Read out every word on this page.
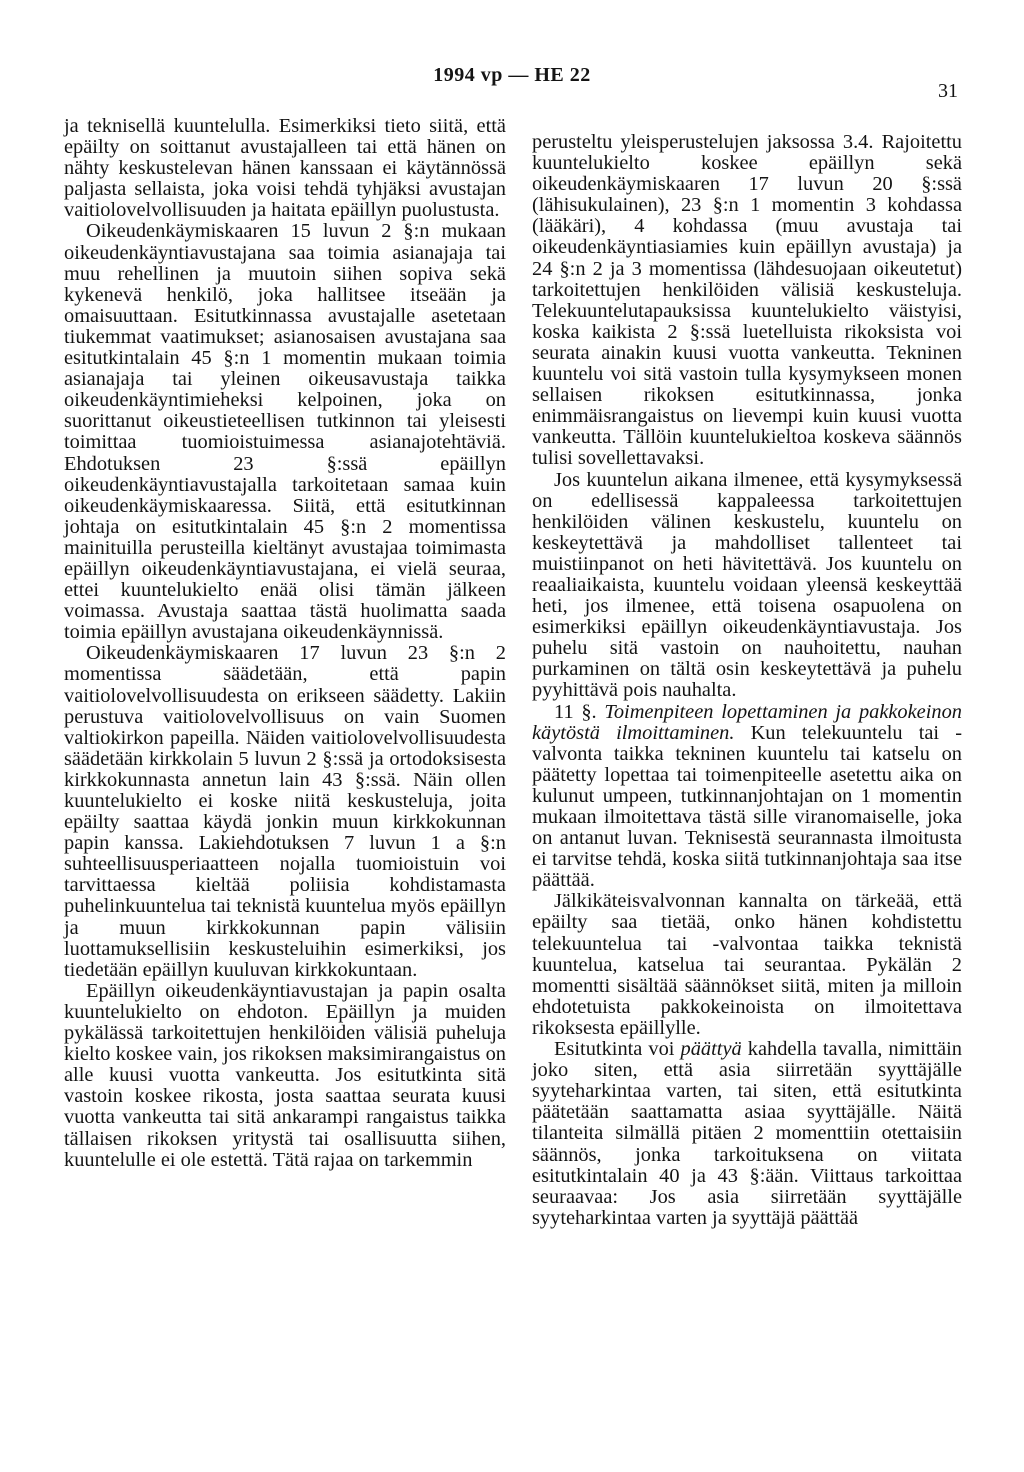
1994 vp — HE 22
31

ja teknisellä kuuntelulla. Esimerkiksi tieto siitä, että epäilty on soittanut avustajalleen tai että hänen on nähty keskustelevan hänen kanssaan ei käytännössä paljasta sellaista, joka voisi tehdä tyhjäksi avustajan vaitiolovelvollisuuden ja haitata epäillyn puolustusta.

Oikeudenkäymiskaaren 15 luvun 2 §:n mukaan oikeudenkäyntiavustajana saa toimia asianajaja tai muu rehellinen ja muutoin siihen sopiva sekä kykenevä henkilö, joka hallitsee itseään ja omaisuuttaan. Esitutkinnassa avustajalle asetetaan tiukemmat vaatimukset; asianosaisen avustajana saa esitutkintalain 45 §:n 1 momentin mukaan toimia asianajaja tai yleinen oikeusavustaja taikka oikeudenkäyntimieheksi kelpoinen, joka on suorittanut oikeustieteellisen tutkinnon tai yleisesti toimittaa tuomioistuimessa asianajotehtäviä. Ehdotuksen 23 §:ssä epäillyn oikeudenkäyntiavustajalla tarkoitetaan samaa kuin oikeudenkäymiskaaressa. Siitä, että esitutkinnan johtaja on esitutkintalain 45 §:n 2 momentissa mainituilla perusteilla kieltänyt avustajaa toimimasta epäillyn oikeudenkäyntiavustajana, ei vielä seuraa, ettei kuuntelukielto enää olisi tämän jälkeen voimassa. Avustaja saattaa tästä huolimatta saada toimia epäillyn avustajana oikeudenkäynnissä.

Oikeudenkäymiskaaren 17 luvun 23 §:n 2 momentissa säädetään, että papin vaitiolovelvollisuudesta on erikseen säädetty. Lakiin perustuva vaitiolovelvollisuus on vain Suomen valtiokirkon papeilla. Näiden vaitiolovelvollisuudesta säädetään kirkkolain 5 luvun 2 §:ssä ja ortodoksisesta kirkkokunnasta annetun lain 43 §:ssä. Näin ollen kuuntelukielto ei koske niitä keskusteluja, joita epäilty saattaa käydä jonkin muun kirkkokunnan papin kanssa. Lakiehdotuksen 7 luvun 1 a §:n suhteellisuusperiaatteen nojalla tuomioistuin voi tarvittaessa kieltää poliisia kohdistamasta puhelinkuuntelua tai teknistä kuuntelua myös epäillyn ja muun kirkkokunnan papin välisiin luottamuksellisiin keskusteluihin esimerkiksi, jos tiedetään epäillyn kuuluvan kirkkokuntaan.

Epäillyn oikeudenkäyntiavustajan ja papin osalta kuuntelukielto on ehdoton. Epäillyn ja muiden pykälässä tarkoitettujen henkilöiden välisiä puheluja kielto koskee vain, jos rikoksen maksimirangaistus on alle kuusi vuotta vankeutta. Jos esitutkinta sitä vastoin koskee rikosta, josta saattaa seurata kuusi vuotta vankeutta tai sitä ankarampi rangaistus taikka tällaisen rikoksen yritystä tai osallisuutta siihen, kuuntelulle ei ole estettä. Tätä rajaa on tarkemmin

perusteltu yleisperustelujen jaksossa 3.4. Rajoitettu kuuntelukielto koskee epäillyn sekä oikeudenkäymiskaaren 17 luvun 20 §:ssä (lähisukulainen), 23 §:n 1 momentin 3 kohdassa (lääkäri), 4 kohdassa (muu avustaja tai oikeudenkäyntiasiamies kuin epäillyn avustaja) ja 24 §:n 2 ja 3 momentissa (lähdesuojaan oikeutetut) tarkoitettujen henkilöiden välisiä keskusteluja. Telekuuntelutapauksissa kuuntelukielto väistyisi, koska kaikista 2 §:ssä luetelluista rikoksista voi seurata ainakin kuusi vuotta vankeutta. Tekninen kuuntelu voi sitä vastoin tulla kysymykseen monen sellaisen rikoksen esitutkinnassa, jonka enimmäisrangaistus on lievempi kuin kuusi vuotta vankeutta. Tällöin kuuntelukieltoa koskeva säännös tulisi sovellettavaksi.

Jos kuuntelun aikana ilmenee, että kysymyksessä on edellisessä kappaleessa tarkoitettujen henkilöiden välinen keskustelu, kuuntelu on keskeytettävä ja mahdolliset tallenteet tai muistiinpanot on heti hävitettävä. Jos kuuntelu on reaaliaikaista, kuuntelu voidaan yleensä keskeyttää heti, jos ilmenee, että toisena osapuolena on esimerkiksi epäillyn oikeudenkäyntiavustaja. Jos puhelu sitä vastoin on nauhoitettu, nauhan purkaminen on tältä osin keskeytettävä ja puhelu pyyhittävä pois nauhalta.

11 §. Toimenpiteen lopettaminen ja pakkokeinon käytöstä ilmoittaminen. Kun telekuuntelu tai -valvonta taikka tekninen kuuntelu tai katselu on päätetty lopettaa tai toimenpiteelle asetettu aika on kulunut umpeen, tutkinnanjohtajan on 1 momentin mukaan ilmoitettava tästä sille viranomaiselle, joka on antanut luvan. Teknisestä seurannasta ilmoitusta ei tarvitse tehdä, koska siitä tutkinnanjohtaja saa itse päättää.

Jälkikäteisvalvonnan kannalta on tärkeää, että epäilty saa tietää, onko hänen kohdistettu telekuuntelua tai -valvontaa taikka teknistä kuuntelua, katselua tai seurantaa. Pykälän 2 momentti sisältää säännökset siitä, miten ja milloin ehdotetuista pakkokeinoista on ilmoitettava rikoksesta epäillylle.

Esitutkinta voi päättyä kahdella tavalla, nimittäin joko siten, että asia siirretään syyttäjälle syyteharkintaa varten, tai siten, että esitutkinta päätetään saattamatta asiaa syyttäjälle. Näitä tilanteita silmällä pitäen 2 momenttiin otettaisiin säännös, jonka tarkoituksena on viitata esitutkintalain 40 ja 43 §:ään. Viittaus tarkoittaa seuraavaa: Jos asia siirretään syyttäjälle syyteharkintaa varten ja syyttäjä päättää
